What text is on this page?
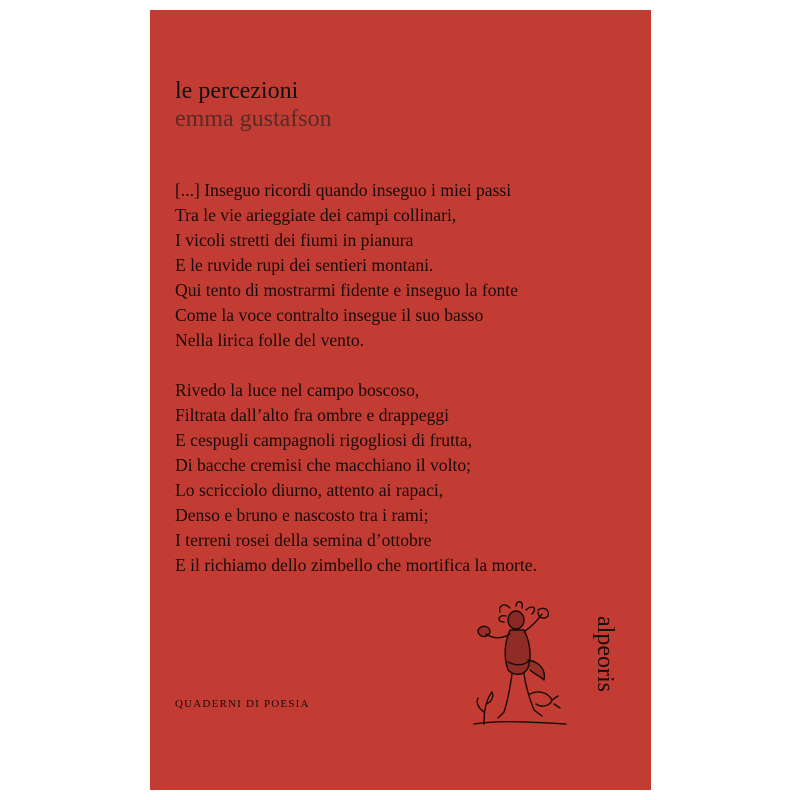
le percezioni
emma gustafson
[...] Inseguo ricordi quando inseguo i miei passi
Tra le vie arieggiate dei campi collinari,
I vicoli stretti dei fiumi in pianura
E le ruvide rupi dei sentieri montani.
Qui tento di mostrarmi fidente e inseguo la fonte
Come la voce contralto insegue il suo basso
Nella lirica folle del vento.
Rivedo la luce nel campo boscoso,
Filtrata dall’alto fra ombre e drappeggi
E cespugli campagnoli rigogliosi di frutta,
Di bacche cremisi che macchiano il volto;
Lo scricciolo diurno, attento ai rapaci,
Denso e bruno e nascosto tra i rami;
I terreni rosei della semina d’ottobre
E il richiamo dello zimbello che mortifica la morte.
QUADERNI DI POESIA
alpeoris
